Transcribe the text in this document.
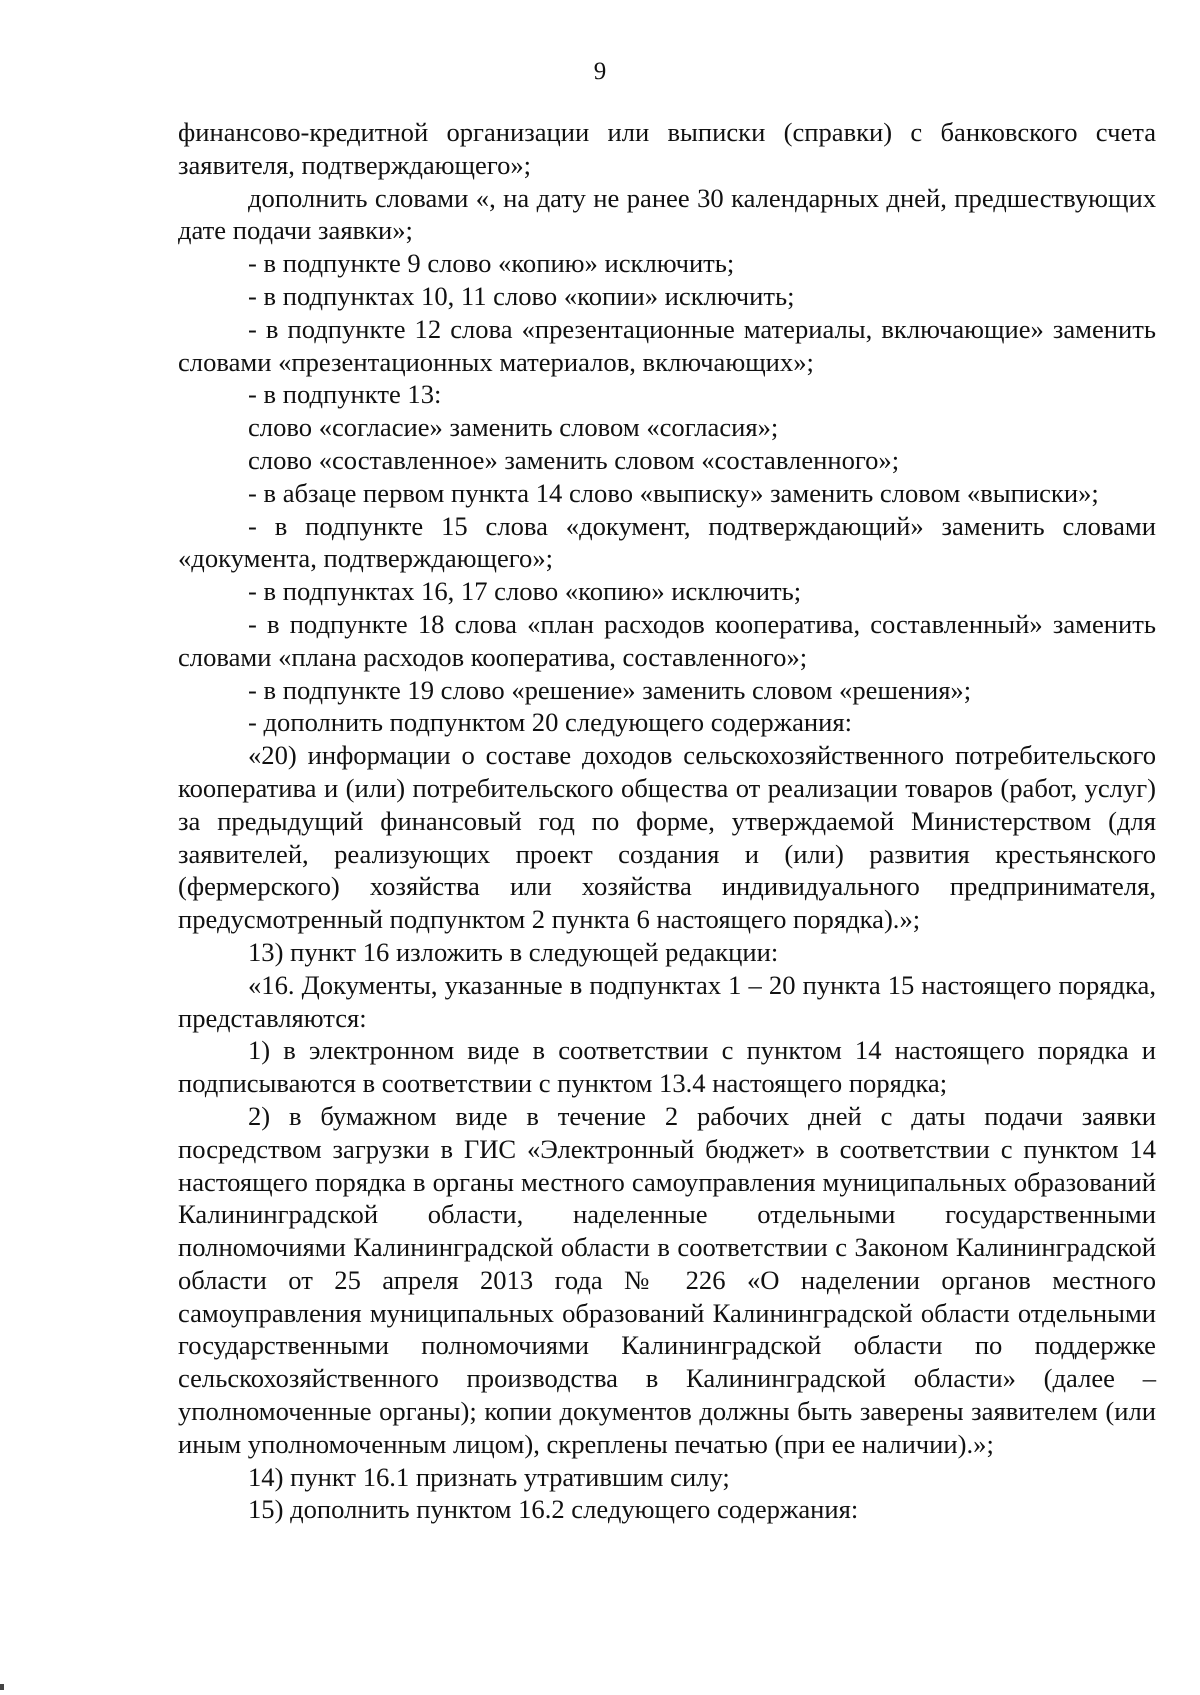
9

финансово-кредитной организации или выписки (справки) с банковского счета заявителя, подтверждающего»;

дополнить словами «, на дату не ранее 30 календарных дней, предшествующих дате подачи заявки»;

- в подпункте 9 слово «копию» исключить;

- в подпунктах 10, 11 слово «копии» исключить;

- в подпункте 12 слова «презентационные материалы, включающие» заменить словами «презентационных материалов, включающих»;

- в подпункте 13:

слово «согласие» заменить словом «согласия»;

слово «составленное» заменить словом «составленного»;

- в абзаце первом пункта 14 слово «выписку» заменить словом «выписки»;

- в подпункте 15 слова «документ, подтверждающий» заменить словами «документа, подтверждающего»;

- в подпунктах 16, 17 слово «копию» исключить;

- в подпункте 18 слова «план расходов кооператива, составленный» заменить словами «плана расходов кооператива, составленного»;

- в подпункте 19 слово «решение» заменить словом «решения»;

- дополнить подпунктом 20 следующего содержания:

«20) информации о составе доходов сельскохозяйственного потребительского кооператива и (или) потребительского общества от реализации товаров (работ, услуг) за предыдущий финансовый год по форме, утверждаемой Министерством (для заявителей, реализующих проект создания и (или) развития крестьянского (фермерского) хозяйства или хозяйства индивидуального предпринимателя, предусмотренный подпунктом 2 пункта 6 настоящего порядка).»;

13) пункт 16 изложить в следующей редакции:

«16. Документы, указанные в подпунктах 1 – 20 пункта 15 настоящего порядка, представляются:

1) в электронном виде в соответствии с пунктом 14 настоящего порядка и подписываются в соответствии с пунктом 13.4 настоящего порядка;

2) в бумажном виде в течение 2 рабочих дней с даты подачи заявки посредством загрузки в ГИС «Электронный бюджет» в соответствии с пунктом 14 настоящего порядка в органы местного самоуправления муниципальных образований Калининградской области, наделенные отдельными государственными полномочиями Калининградской области в соответствии с Законом Калининградской области от 25 апреля 2013 года № 226 «О наделении органов местного самоуправления муниципальных образований Калининградской области отдельными государственными полномочиями Калининградской области по поддержке сельскохозяйственного производства в Калининградской области» (далее – уполномоченные органы); копии документов должны быть заверены заявителем (или иным уполномоченным лицом), скреплены печатью (при ее наличии).»;

14) пункт 16.1 признать утратившим силу;

15) дополнить пунктом 16.2 следующего содержания:
